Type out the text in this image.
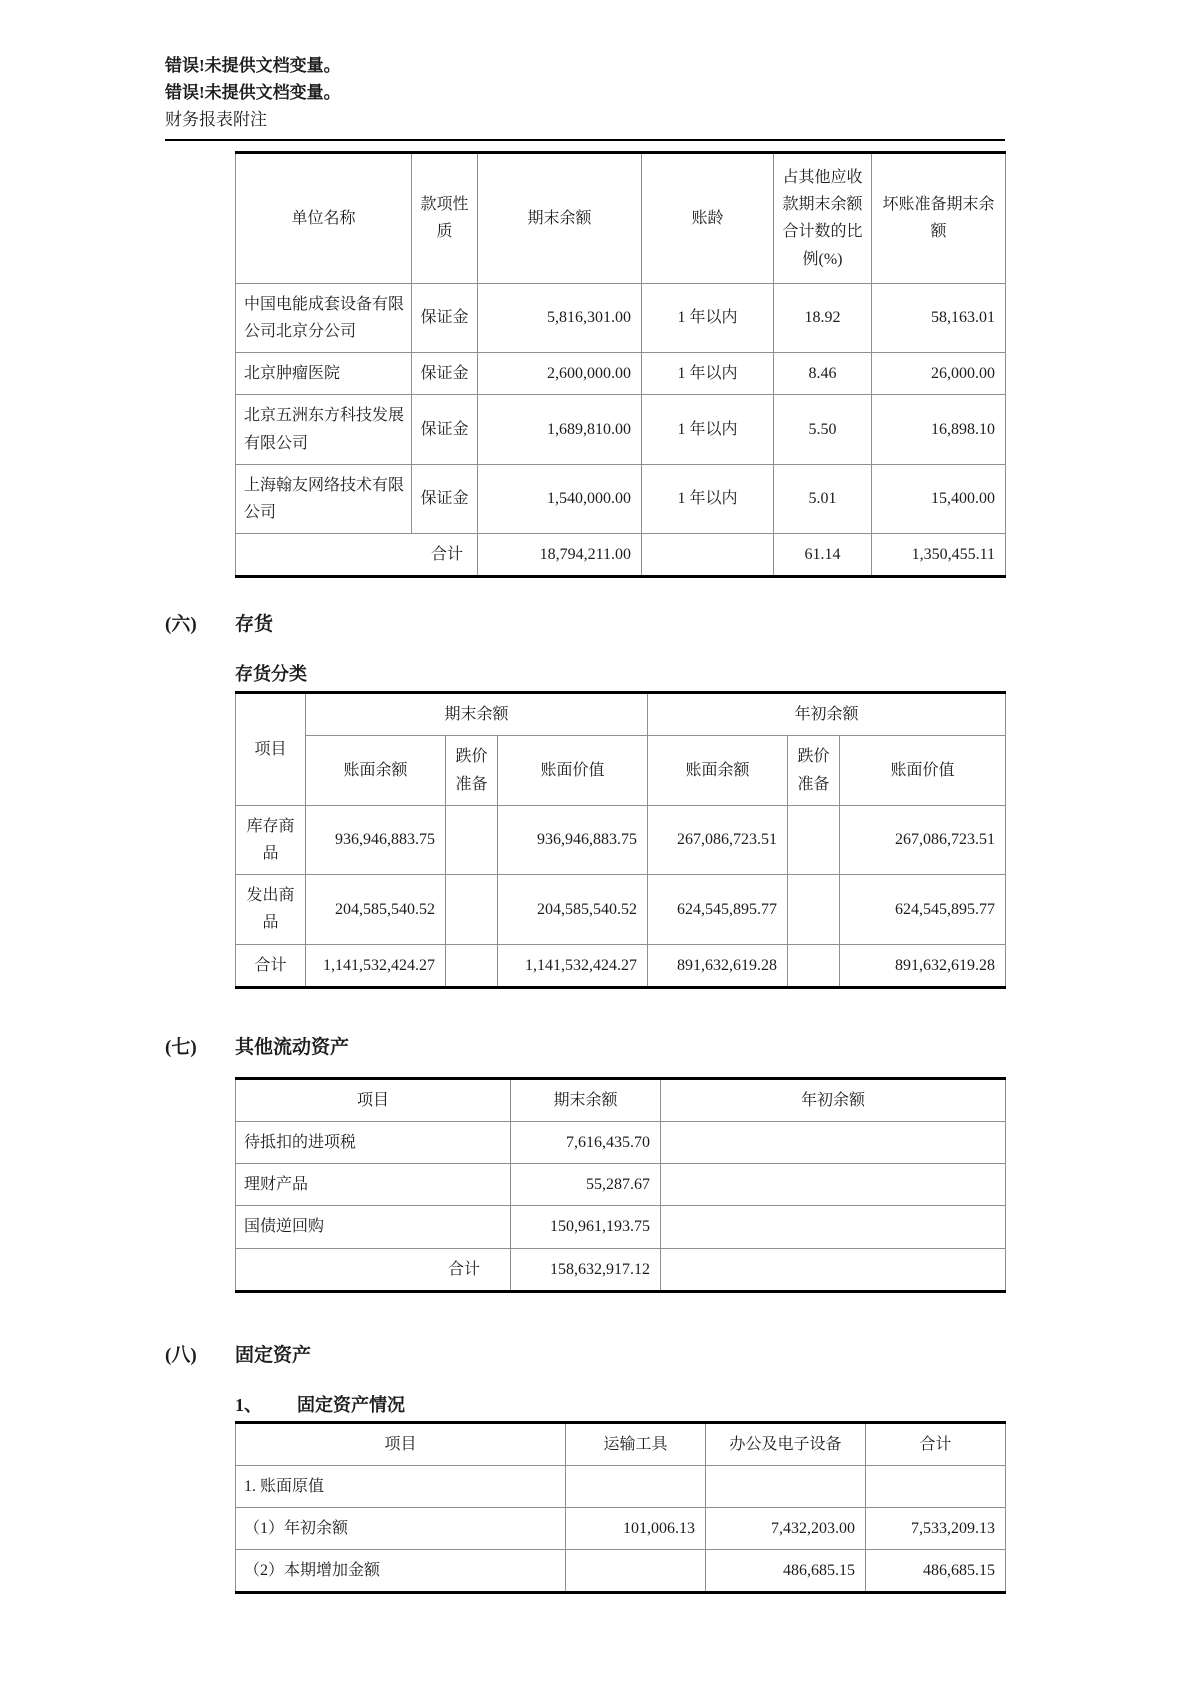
错误!未提供文档变量。
错误!未提供文档变量。
财务报表附注
单位名称	款项性质	期末余额	账龄	占其他应收款期末余额合计数的比例(%)	坏账准备期末余额
中国电能成套设备有限公司北京分公司	保证金	5,816,301.00	1 年以内	18.92	58,163.01
北京肿瘤医院	保证金	2,600,000.00	1 年以内	8.46	26,000.00
北京五洲东方科技发展有限公司	保证金	1,689,810.00	1 年以内	5.50	16,898.10
上海翰友网络技术有限公司	保证金	1,540,000.00	1 年以内	5.01	15,400.00
合计		18,794,211.00		61.14	1,350,455.11
(六)	存货
存货分类
项目	期末余额			年初余额		
	账面余额	跌价准备	账面价值	账面余额	跌价准备	账面价值
库存商品	936,946,883.75		936,946,883.75	267,086,723.51		267,086,723.51
发出商品	204,585,540.52		204,585,540.52	624,545,895.77		624,545,895.77
合计	1,141,532,424.27		1,141,532,424.27	891,632,619.28		891,632,619.28
(七)	其他流动资产
项目	期末余额	年初余额
待抵扣的进项税	7,616,435.70	
理财产品	55,287.67	
国债逆回购	150,961,193.75	
合计	158,632,917.12	
(八)	固定资产
1、	固定资产情况
项目	运输工具	办公及电子设备	合计
1. 账面原值			
（1）年初余额	101,006.13	7,432,203.00	7,533,209.13
（2）本期增加金额		486,685.15	486,685.15
